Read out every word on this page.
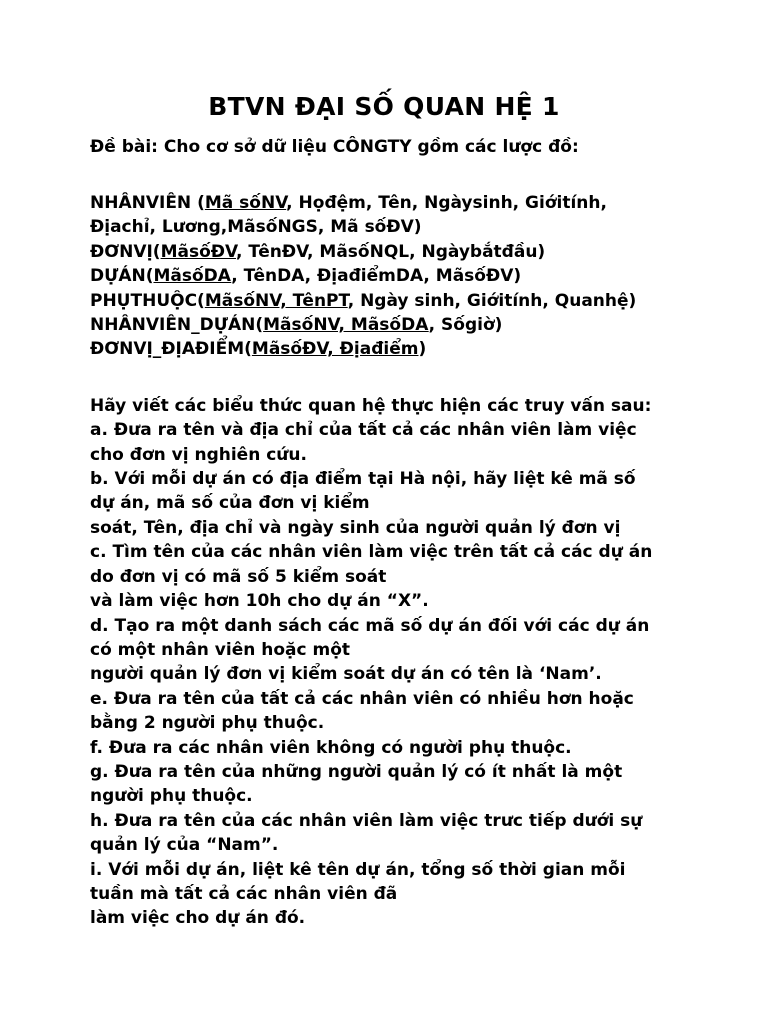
BTVN ĐẠI SỐ QUAN HỆ 1

Đề bài: Cho cơ sở dữ liệu CÔNGTY gồm các lược đồ:

NHÂNVIÊN (Mã sốNV, Họđệm, Tên, Ngàysinh, Giớitính,
Địachỉ, Lương,MãsốNGS, Mã sốĐV)
ĐƠNVỊ(MãsốĐV, TênĐV, MãsốNQL, Ngàybắtđầu)
DỰÁN(MãsốDA, TênDA, ĐịađiểmDA, MãsốĐV)
PHỤTHUỘC(MãsốNV, TênPT, Ngày sinh, Giớitính, Quanhệ)
NHÂNVIÊN_DỰÁN(MãsốNV, MãsốDA, Sốgiờ)
ĐƠNVỊ_ĐỊAĐIỂM(MãsốĐV, Địađiểm)
Hãy viết các biểu thức quan hệ thực hiện các truy vấn sau:
a. Đưa ra tên và địa chỉ của tất cả các nhân viên làm việc
cho đơn vị nghiên cứu.
b. Với mỗi dự án có địa điểm tại Hà nội, hãy liệt kê mã số
dự án, mã số của đơn vị kiểm
soát, Tên, địa chỉ và ngày sinh của người quản lý đơn vị
c. Tìm tên của các nhân viên làm việc trên tất cả các dự án
do đơn vị có mã số 5 kiểm soát
và làm việc hơn 10h cho dự án “X”.
d. Tạo ra một danh sách các mã số dự án đối với các dự án
có một nhân viên hoặc một
người quản lý đơn vị kiểm soát dự án có tên là ‘Nam’.
e. Đưa ra tên của tất cả các nhân viên có nhiều hơn hoặc
bằng 2 người phụ thuộc.
f. Đưa ra các nhân viên không có người phụ thuộc.
g. Đưa ra tên của những người quản lý có ít nhất là một
người phụ thuộc.
h. Đưa ra tên của các nhân viên làm việc trưc tiếp dưới sự
quản lý của “Nam”.
i. Với mỗi dự án, liệt kê tên dự án, tổng số thời gian mỗi
tuần mà tất cả các nhân viên đã
làm việc cho dự án đó.
